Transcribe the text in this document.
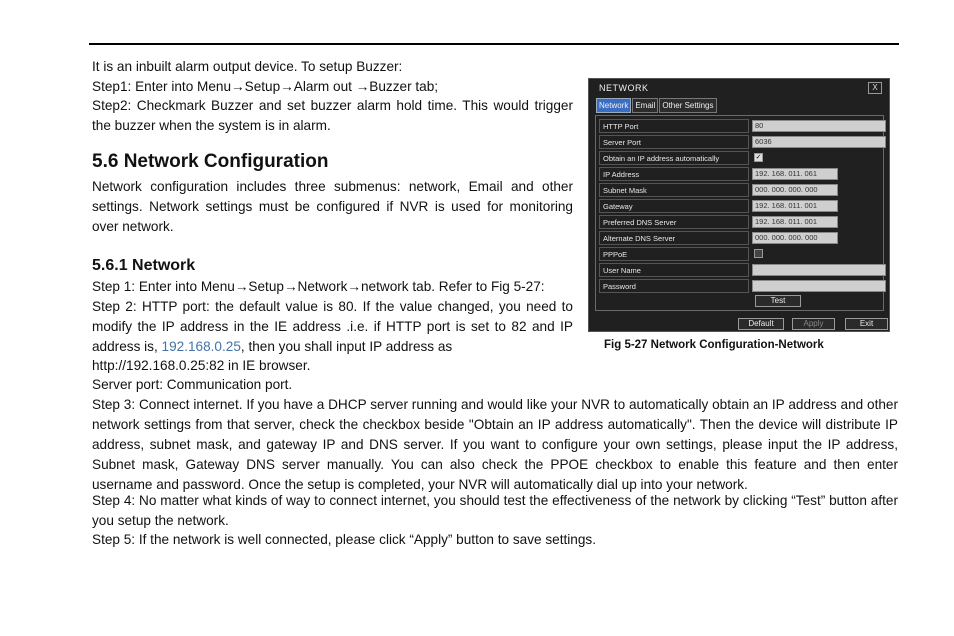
It is an inbuilt alarm output device. To setup Buzzer:

Step1: Enter into Menu→Setup→Alarm out →Buzzer tab;

Step2: Checkmark Buzzer and set buzzer alarm hold time. This would trigger the buzzer when the system is in alarm.

5.6 Network Configuration

Network configuration includes three submenus: network, Email and other settings. Network settings must be configured if NVR is used for monitoring over network.

5.6.1 Network

Step 1: Enter into Menu→Setup→Network→network tab. Refer to Fig 5-27:

Step 2: HTTP port: the default value is 80. If the value changed, you need to modify the IP address in the IE address .i.e. if HTTP port is set to 82 and IP address is, 192.168.0.25, then you shall input IP address as

http://192.168.0.25:82 in IE browser.

Server port: Communication port.

Step 3: Connect internet. If you have a DHCP server running and would like your NVR to automatically obtain an IP address and other network settings from that server, check the checkbox beside "Obtain an IP address automatically". Then the device will distribute IP address, subnet mask, and gateway IP and DNS server. If you want to configure your own settings, please input the IP address, Subnet mask, Gateway DNS server manually. You can also check the PPOE checkbox to enable this feature and then enter username and password. Once the setup is completed, your NVR will automatically dial up into your network.

Step 4: No matter what kinds of way to connect internet, you should test the effectiveness of the network by clicking “Test” button after you setup the network.

Step 5: If the network is well connected, please click “Apply” button to save settings.

NETWORK	X
Network Email Other Settings
HTTP Port	80
Server Port	6036
Obtain an IP address automatically	✓
IP Address	192. 168. 011. 061
Subnet Mask	000. 000. 000. 000
Gateway	192. 168. 011. 001
Preferred DNS Server	192. 168. 011. 001
Alternate DNS Server	000. 000. 000. 000
PPPoE
User Name
Password
Test
Default	Apply	Exit
Fig 5-27 Network Configuration-Network
